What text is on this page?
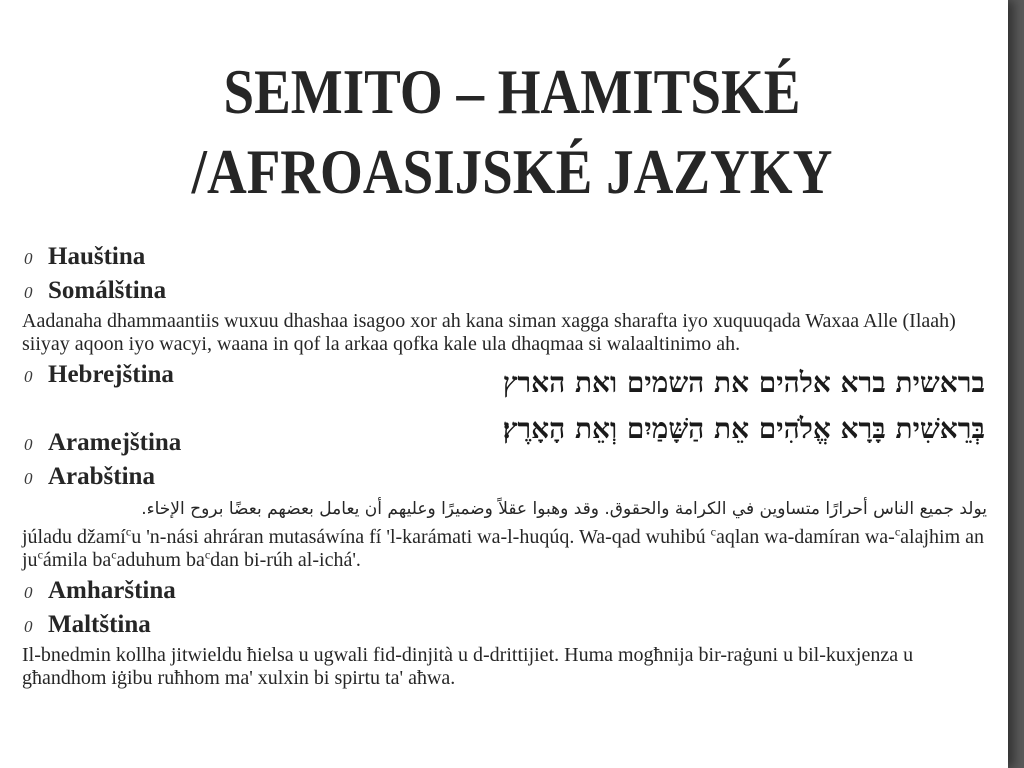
SEMITO – HAMITSKÉ
/AFROASIJSKÉ JAZYKY
0 Hauština
0 Somálština
Aadanaha dhammaantiis wuxuu dhashaa isagoo xor ah kana siman xagga sharafta iyo xuquuqada Waxaa Alle (Ilaah) siiyay aqoon iyo wacyi, waana in qof la arkaa qofka kale ula dhaqmaa si walaaltinimo ah.
0 Hebrejština
0 Aramejština
0 Arabština
يولد جميع الناس أحرارًا متساوين في الكرامة والحقوق. وقد وهبوا عقلاً وضميرًا وعليهم أن يعامل بعضهم بعضًا بروح الإخاء.
júladu džamí$^c$u 'n-nási ahráran mutasáwína fí 'l-karámati wa-l-huqúq. Wa-qad wuhibú $^c$aqlan wa-damíran wa-$^c$alajhim an $ju^cámila$ $ba^caduhum$ $ba^cdan$ bi-rúh al-ichá'.
0 Amharština
0 Maltština
Il-bnedmin kollha jitwieldu ħielsa u ugwali fid-dinjità u d-drittijiet. Huma mogħnija bir-raġuni u bil-kuxjenza u għandhom iġibu ruħhom ma' xulxin bi spirtu ta' aħwa.
בראשית ברא אלהים את השמים ואת הארץ
בְּרֵאשִׁית בָּרָא אֱלֹהִים אֵת הַשָּׁמַיִם וְאֵת הָאָרֶץ׃
